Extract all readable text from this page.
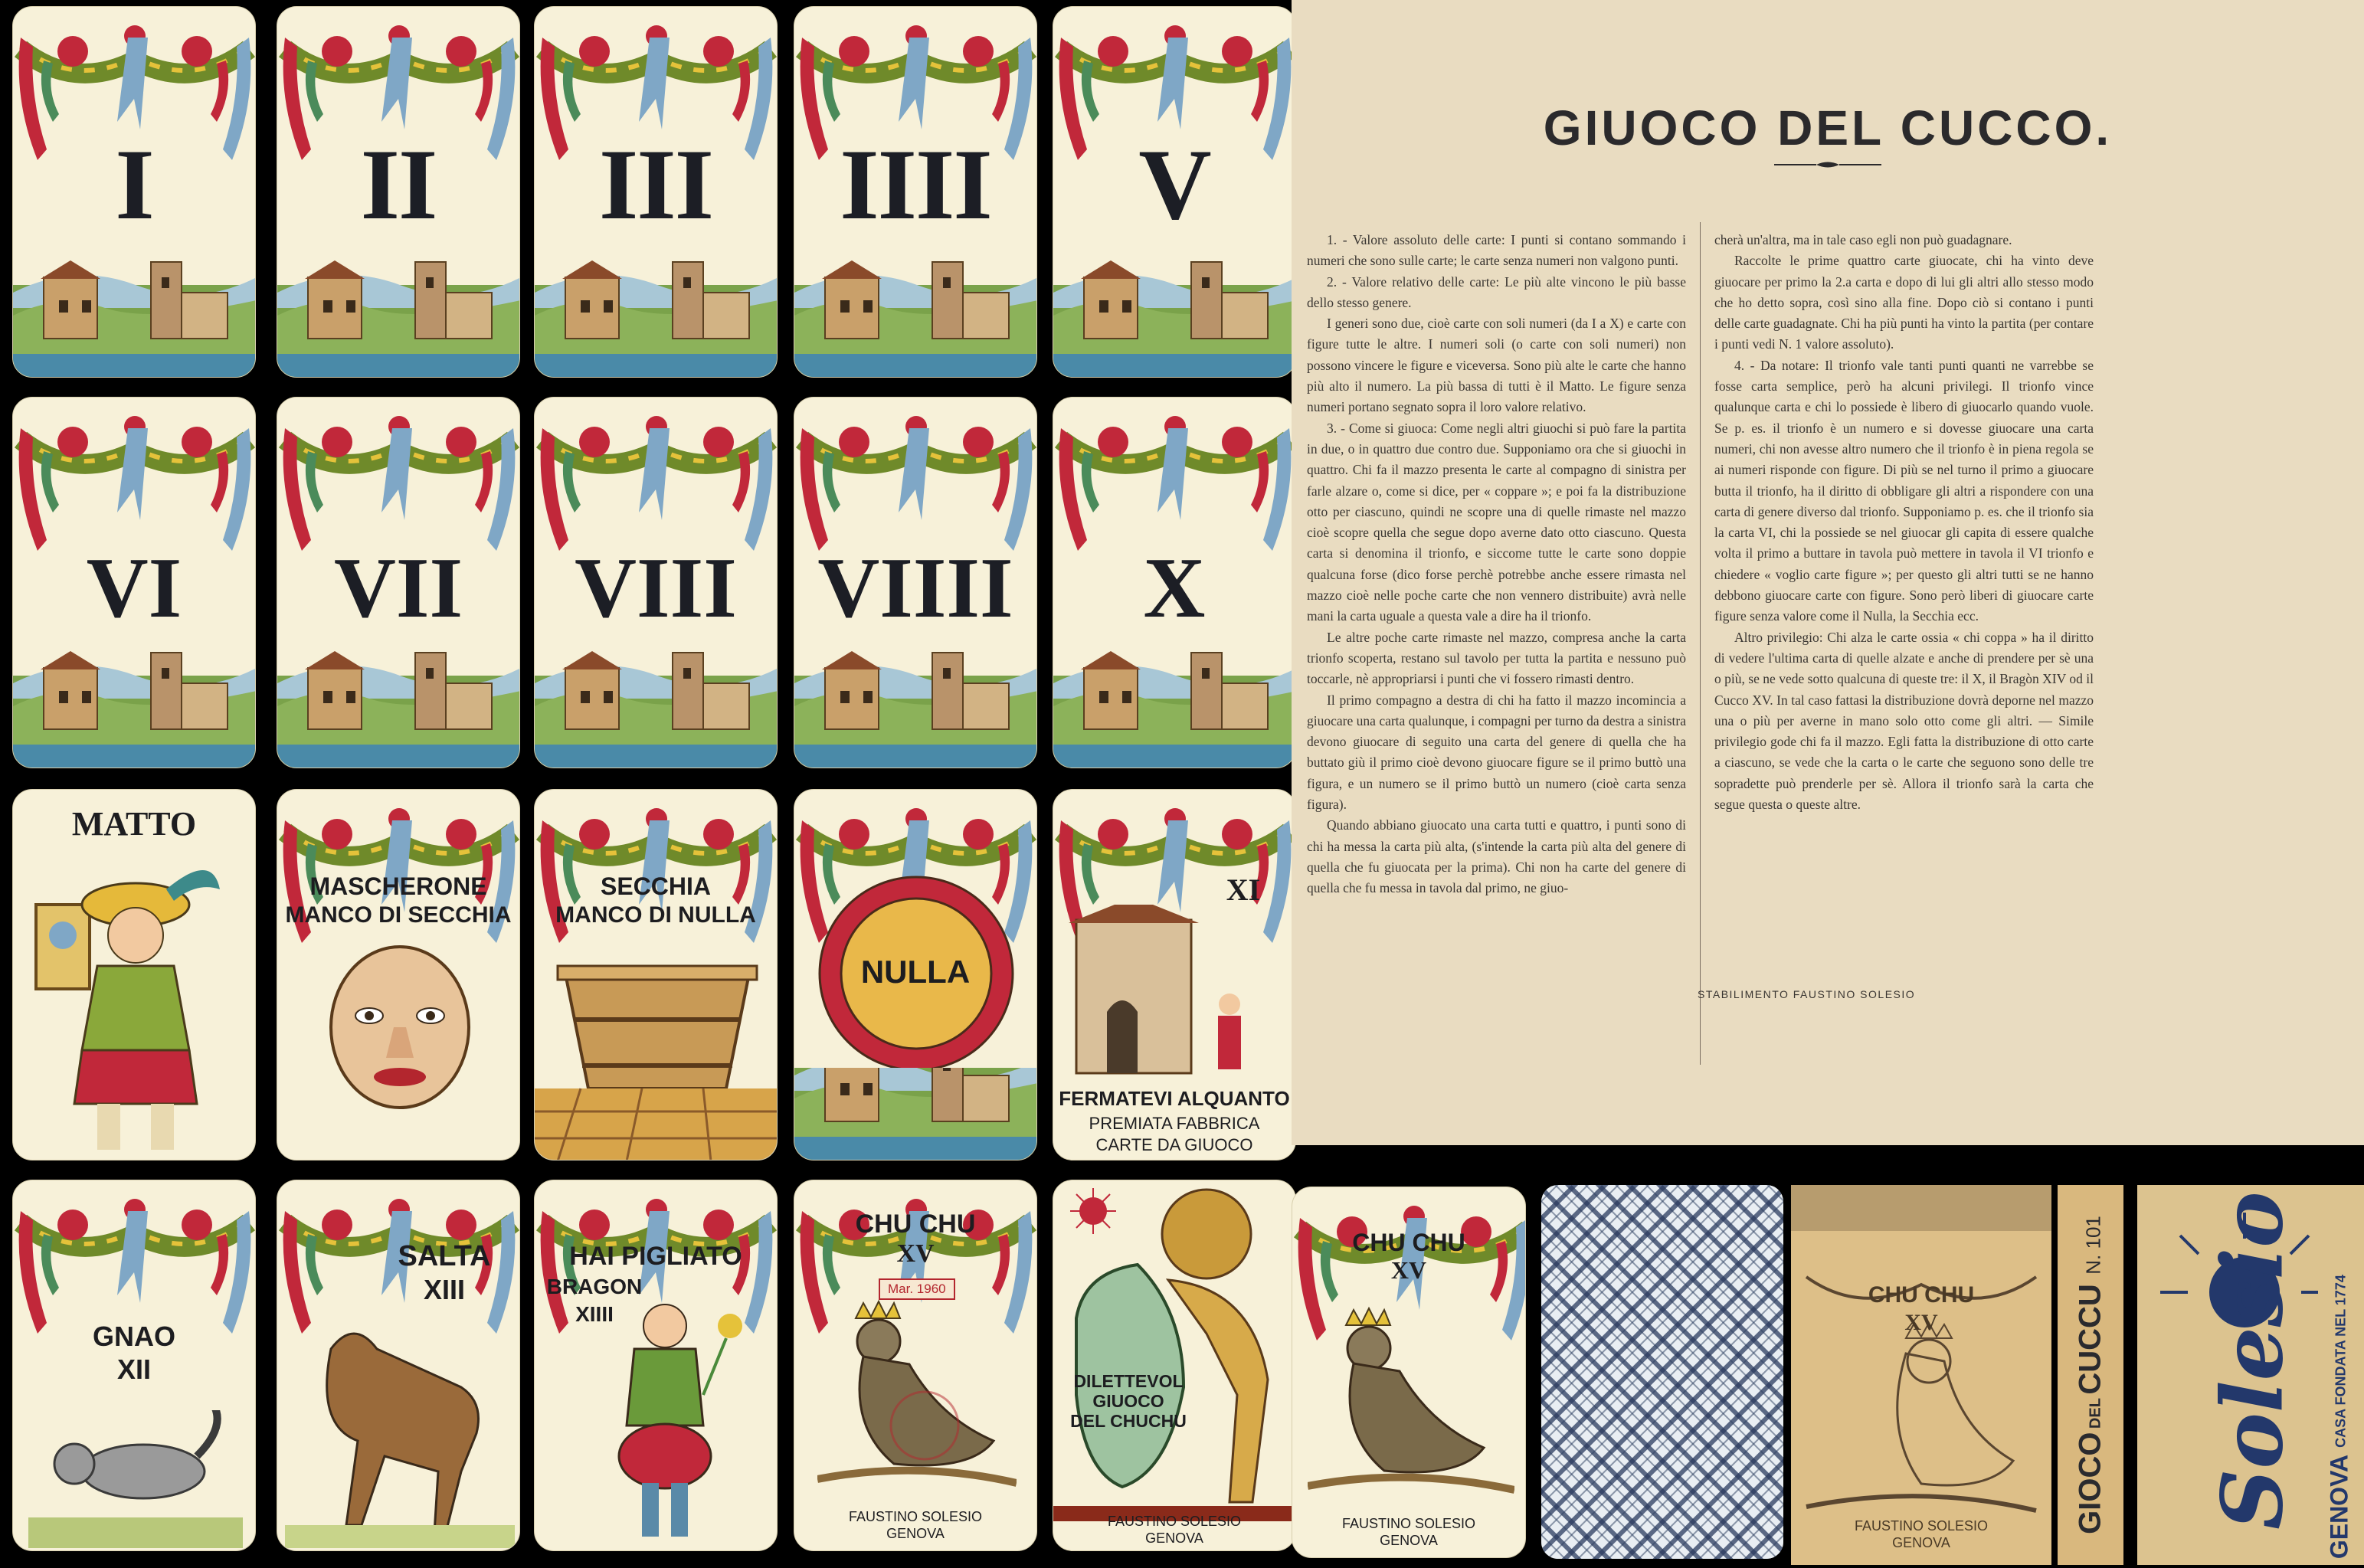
I	II	III	IIII	V
VI	VII	VIII VIIII	X
MATTO
MASCHERONE
MANCO DI SECCHIA
SECCHIA
MANCO DI NULLA
NULLA
XI
FERMATEVI ALQUANTO
PREMIATA FABBRICA
CARTE DA GIUOCO
GNAO
XII
SALTA
XIII
HAI PIGLIATO
BRAGON
XIIII
CHU CHU
XV
Mar. 1960
FAUSTINO SOLESIO
GENOVA
DILETTEVOL
GIUOCO
DEL CHUCHU
FAUSTINO SOLESIO
GENOVA
GIUOCO DEL CUCCO.

1. - Valore assoluto delle carte: I punti si contano sommando i numeri che sono sulle carte; le carte senza numeri non valgono punti.

2. - Valore relativo delle carte: Le più alte vincono le più basse dello stesso genere.

I generi sono due, cioè carte con soli numeri (da I a X) e carte con figure tutte le altre. I numeri soli (o carte con soli numeri) non possono vincere le figure e viceversa. Sono più alte le carte che hanno più alto il numero. La più bassa di tutti è il Matto. Le figure senza numeri portano segnato sopra il loro valore relativo.

3. - Come si giuoca: Come negli altri giuochi si può fare la partita in due, o in quattro due contro due. Supponiamo ora che si giuochi in quattro. Chi fa il mazzo presenta le carte al compagno di sinistra per farle alzare o, come si dice, per « coppare »; e poi fa la distribuzione otto per ciascuno, quindi ne scopre una di quelle rimaste nel mazzo cioè scopre quella che segue dopo averne dato otto ciascuno. Questa carta si denomina il trionfo, e siccome tutte le carte sono doppie qualcuna forse (dico forse perchè potrebbe anche essere rimasta nel mazzo cioè nelle poche carte che non vennero distribuite) avrà nelle mani la carta uguale a questa vale a dire ha il trionfo.

Le altre poche carte rimaste nel mazzo, compresa anche la carta trionfo scoperta, restano sul tavolo per tutta la partita e nessuno può toccarle, nè appropriarsi i punti che vi fossero rimasti dentro.

Il primo compagno a destra di chi ha fatto il mazzo incomincia a giuocare una carta qualunque, i compagni per turno da destra a sinistra devono giuocare di seguito una carta del genere di quella che ha buttato giù il primo cioè devono giuocare figure se il primo buttò una figura, e un numero se il primo buttò un numero (cioè carta senza figura).

Quando abbiano giuocato una carta tutti e quattro, i punti sono di chi ha messa la carta più alta, (s'intende la carta più alta del genere di quella che fu giuocata per la prima). Chi non ha carte del genere di quella che fu messa in tavola dal primo, ne giuo-

cherà un'altra, ma in tale caso egli non può guadagnare.

Raccolte le prime quattro carte giuocate, chi ha vinto deve giuocare per primo la 2.a carta e dopo di lui gli altri allo stesso modo che ho detto sopra, così sino alla fine. Dopo ciò si contano i punti delle carte guadagnate. Chi ha più punti ha vinto la partita (per contare i punti vedi N. 1 valore assoluto).

4. - Da notare: Il trionfo vale tanti punti quanti ne varrebbe se fosse carta semplice, però ha alcuni privilegi. Il trionfo vince qualunque carta e chi lo possiede è libero di giuocarlo quando vuole. Se p. es. il trionfo è un numero e si dovesse giuocare una carta numeri, chi non avesse altro numero che il trionfo è in piena regola se ai numeri risponde con figure. Di più se nel turno il primo a giuocare butta il trionfo, ha il diritto di obbligare gli altri a rispondere con una carta di genere diverso dal trionfo. Supponiamo p. es. che il trionfo sia la carta VI, chi la possiede se nel giuocar gli capita di essere qualche volta il primo a buttare in tavola può mettere in tavola il VI trionfo e chiedere « voglio carte figure »; per questo gli altri tutti se ne hanno debbono giuocare carte con figure. Sono però liberi di giuocare carte figure senza valore come il Nulla, la Secchia ecc.

Altro privilegio: Chi alza le carte ossia « chi coppa » ha il diritto di vedere l'ultima carta di quelle alzate e anche di prendere per sè una o più, se ne vede sotto qualcuna di queste tre: il X, il Bragòn XIV od il Cucco XV. In tal caso fattasi la distribuzione dovrà deporne nel mazzo una o più per averne in mano solo otto come gli altri. — Simile privilegio gode chi fa il mazzo. Egli fatta la distribuzione di otto carte a ciascuno, se vede che la carta o le carte che seguono sono delle tre sopradette può prenderle per sè. Allora il trionfo sarà la carta che segue questa o queste altre.

STABILIMENTO FAUSTINO SOLESIO
CHU CHU
XV
FAUSTINO SOLESIO
GENOVA
CHU CHU
XV
FAUSTINO SOLESIO
GENOVA
GIOCO DEL CUCCU N. 101 Solesio CASA FONDATA NEL 1774
GENOVA
